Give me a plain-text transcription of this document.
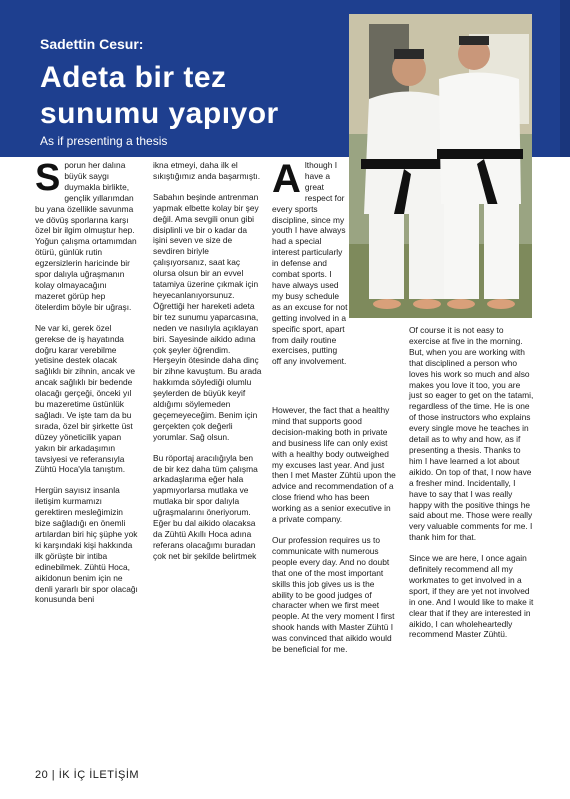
Sadettin Cesur:
Adeta bir tez sunumu yapıyor
As if presenting a thesis

Sporun her dalına büyük saygı duymakla birlikte, gençlik yıllarımdan bu yana özellikle savunma ve dövüş sporlarına karşı özel bir ilgim olmuştur hep. Yoğun çalışma ortamımdan ötürü, günlük rutin egzersizlerin haricinde bir spor dalıyla uğraşmanın kolay olmayacağını mazeret görüp hep ötelerdim böyle bir uğraşı.

Ne var ki, gerek özel gerekse de iş hayatında doğru karar verebilme yetisine destek olacak sağlıklı bir zihnin, ancak ve ancak sağlıklı bir bedende olacağı gerçeği, önceki yıl bu mazeretime üstünlük sağladı. Ve işte tam da bu sırada, özel bir şirkette üst düzey yöneticilik yapan yakın bir arkadaşımın tavsiyesi ve referansıyla Zühtü Hoca'yla tanıştım.

Hergün sayısız insanla iletişim kurmamızı gerektiren mesleğimizin bize sağladığı en önemli artılardan biri hiç şüphe yok ki karşındaki kişi hakkında ilk görüşte bir intiba edinebilmek. Zühtü Hoca, aikidonun benim için ne denli yararlı bir spor olacağı konusunda beni

ikna etmeyi, daha ilk el sıkıştığımız anda başarmıştı.

Sabahın beşinde antrenman yapmak elbette kolay bir şey değil. Ama sevgili onun gibi disiplinli ve bir o kadar da işini seven ve size de sevdiren biriyle çalışıyorsanız, saat kaç olursa olsun bir an evvel tatamiya üzerine çıkmak için heyecanlanıyorsunuz. Öğrettiği her hareketi adeta bir tez sunumu yaparcasına, neden ve nasılıyla açıklayan biri. Sayesinde aikido adına çok şeyler öğrendim. Herşeyin ötesinde daha dinç bir zihne kavuştum. Bu arada hakkımda söylediği olumlu şeylerden de büyük keyif aldığımı söylemeden geçemeyeceğim. Benim için gerçekten çok değerli yorumlar. Sağ olsun.

Bu röportaj aracılığıyla ben de bir kez daha tüm çalışma arkadaşlarıma eğer hala yapmıyorlarsa mutlaka ve mutlaka bir spor dalıyla uğraşmalarını öneriyorum. Eğer bu dal aikido olacaksa da Zühtü Akıllı Hoca adına referans olacağımı buradan çok net bir şekilde belirtmek

Although I have a great respect for every sports discipline, since my youth I have always had a special interest particularly in defense and combat sports. I have always used my busy schedule as an excuse for not getting involved in a specific sport, apart from daily routine exercises, putting off any involvement.

However, the fact that a healthy mind that supports good decision-making both in private and business life can only exist with a healthy body outweighed my excuses last year. And just then I met Master Zühtü upon the advice and recommendation of a close friend who has been working as a senior executive in a private company.

Our profession requires us to communicate with numerous people every day. And no doubt that one of the most important skills this job gives us is the ability to be good judges of character when we first meet people. At the very moment I first shook hands with Master Zühtü I was convinced that aikido would be beneficial for me.

Of course it is not easy to exercise at five in the morning. But, when you are working with that disciplined a person who loves his work so much and also makes you love it too, you are just so eager to get on the tatami, regardless of the time. He is one of those instructors who explains every single move he teaches in detail as to why and how, as if presenting a thesis. Thanks to him I have learned a lot about aikido. On top of that, I now have a fresher mind. Incidentally, I have to say that I was really happy with the positive things he said about me. Those were really very valuable comments for me. I thank him for that.

Since we are here, I once again definitely recommend all my workmates to get involved in a sport, if they are yet not involved in one. And I would like to make it clear that if they are interested in aikido, I can wholeheartedly recommend Master Zühtü.

20 | İK İÇ İLETİŞİM
